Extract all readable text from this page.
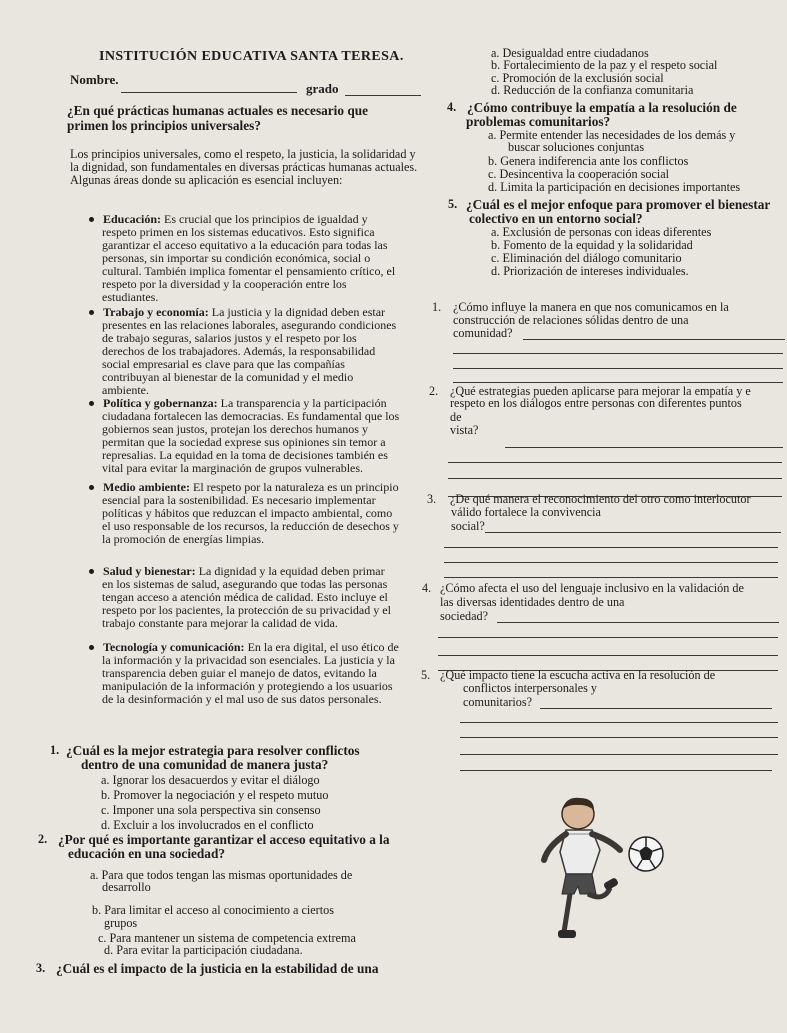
INSTITUCIÓN EDUCATIVA SANTA TERESA.
Nombre.
grado
¿En qué prácticas humanas actuales es necesario que
primen los principios universales?
Los principios universales, como el respeto, la justicia, la solidaridad y
la dignidad, son fundamentales en diversas prácticas humanas actuales.
Algunas áreas donde su aplicación es esencial incluyen:
Educación: Es crucial que los principios de igualdad y
respeto primen en los sistemas educativos. Esto significa
garantizar el acceso equitativo a la educación para todas las
personas, sin importar su condición económica, social o
cultural. También implica fomentar el pensamiento crítico, el
respeto por la diversidad y la cooperación entre los
estudiantes.
Trabajo y economía: La justicia y la dignidad deben estar
presentes en las relaciones laborales, asegurando condiciones
de trabajo seguras, salarios justos y el respeto por los
derechos de los trabajadores. Además, la responsabilidad
social empresarial es clave para que las compañías
contribuyan al bienestar de la comunidad y el medio
ambiente.
Política y gobernanza: La transparencia y la participación
ciudadana fortalecen las democracias. Es fundamental que los
gobiernos sean justos, protejan los derechos humanos y
permitan que la sociedad exprese sus opiniones sin temor a
represalias. La equidad en la toma de decisiones también es
vital para evitar la marginación de grupos vulnerables.
Medio ambiente: El respeto por la naturaleza es un principio
esencial para la sostenibilidad. Es necesario implementar
políticas y hábitos que reduzcan el impacto ambiental, como
el uso responsable de los recursos, la reducción de desechos y
la promoción de energías limpias.
Salud y bienestar: La dignidad y la equidad deben primar
en los sistemas de salud, asegurando que todas las personas
tengan acceso a atención médica de calidad. Esto incluye el
respeto por los pacientes, la protección de su privacidad y el
trabajo constante para mejorar la calidad de vida.
Tecnología y comunicación: En la era digital, el uso ético de
la información y la privacidad son esenciales. La justicia y la
transparencia deben guiar el manejo de datos, evitando la
manipulación de la información y protegiendo a los usuarios
de la desinformación y el mal uso de sus datos personales.
1. ¿Cuál es la mejor estrategia para resolver conflictos
dentro de una comunidad de manera justa?
a. Ignorar los desacuerdos y evitar el diálogo
b. Promover la negociación y el respeto mutuo
c. Imponer una sola perspectiva sin consenso
d. Excluir a los involucrados en el conflicto
2. ¿Por qué es importante garantizar el acceso equitativo a la
educación en una sociedad?
a. Para que todos tengan las mismas oportunidades de
desarrollo
b. Para limitar el acceso al conocimiento a ciertos
grupos
c. Para mantener un sistema de competencia extrema
d. Para evitar la participación ciudadana.
3. ¿Cuál es el impacto de la justicia en la estabilidad de una
a. Desigualdad entre ciudadanos
b. Fortalecimiento de la paz y el respeto social
c. Promoción de la exclusión social
d. Reducción de la confianza comunitaria
4. ¿Cómo contribuye la empatía a la resolución de
problemas comunitarios?
a. Permite entender las necesidades de los demás y
buscar soluciones conjuntas
b. Genera indiferencia ante los conflictos
c. Desincentiva la cooperación social
d. Limita la participación en decisiones importantes
5. ¿Cuál es el mejor enfoque para promover el bienestar
colectivo en un entorno social?
a. Exclusión de personas con ideas diferentes
b. Fomento de la equidad y la solidaridad
c. Eliminación del diálogo comunitario
d. Priorización de intereses individuales.
1. ¿Cómo influye la manera en que nos comunicamos en la
construcción de relaciones sólidas dentro de una
comunidad?
2. ¿Qué estrategias pueden aplicarse para mejorar la empatía y e
respeto en los diálogos entre personas con diferentes puntos
de
vista?
3. ¿De qué manera el reconocimiento del otro como interlocutor
válido fortalece la convivencia
social?
4. ¿Cómo afecta el uso del lenguaje inclusivo en la validación de
las diversas identidades dentro de una
sociedad?
5. ¿Qué impacto tiene la escucha activa en la resolución de
conflictos interpersonales y
comunitarios?
